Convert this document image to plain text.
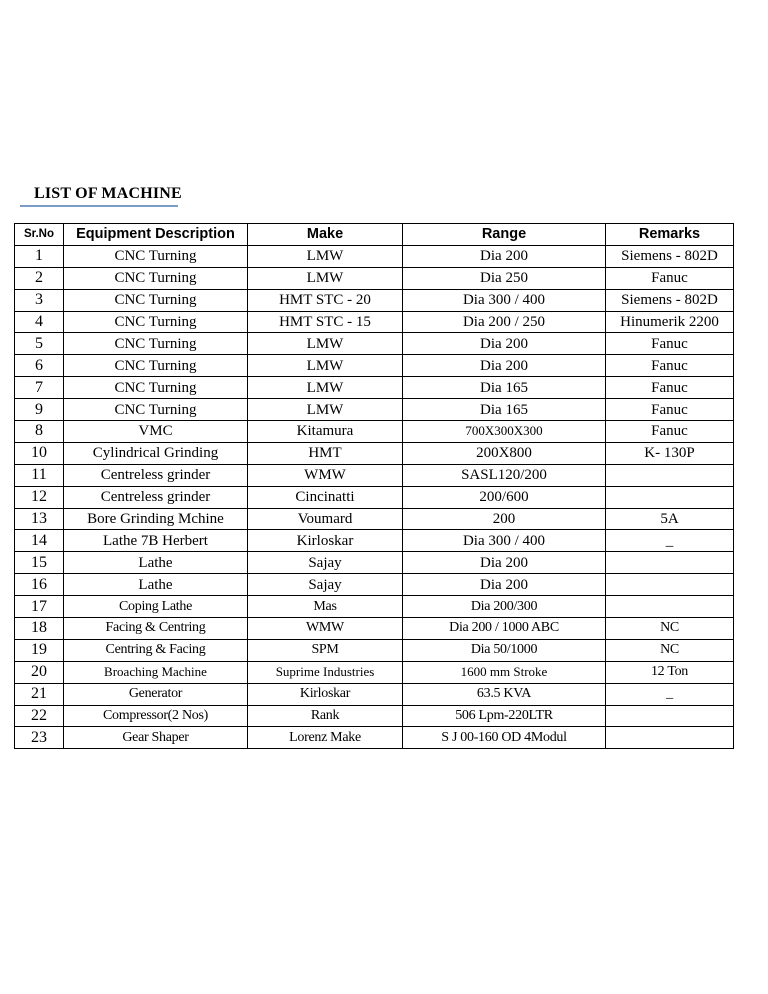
LIST OF MACHINE
Sr.No	Equipment Description	Make	Range	Remarks
1	CNC Turning	LMW	Dia 200	Siemens - 802D
2	CNC Turning	LMW	Dia 250	Fanuc
3	CNC Turning	HMT STC - 20	Dia 300 / 400	Siemens - 802D
4	CNC Turning	HMT STC - 15	Dia 200 / 250	Hinumerik 2200
5	CNC Turning	LMW	Dia 200	Fanuc
6	CNC Turning	LMW	Dia 200	Fanuc
7	CNC Turning	LMW	Dia 165	Fanuc
9	CNC Turning	LMW	Dia 165	Fanuc
8	VMC	Kitamura	700X300X300	Fanuc
10	Cylindrical Grinding	HMT	200X800	K- 130P
11	Centreless grinder	WMW	SASL120/200	
12	Centreless grinder	Cincinatti	200/600	
13	Bore Grinding Mchine	Voumard	200	5A
14	Lathe 7B Herbert	Kirloskar	Dia 300 / 400	_
15	Lathe	Sajay	Dia 200	
16	Lathe	Sajay	Dia 200	
17	Coping Lathe	Mas	Dia 200/300	
18	Facing & Centring	WMW	Dia 200 / 1000 ABC	NC
19	Centring & Facing	SPM	Dia 50/1000	NC
20	Broaching Machine	Suprime Industries	1600 mm Stroke	12 Ton
21	Generator	Kirloskar	63.5 KVA	_
22	Compressor(2 Nos)	Rank	506 Lpm-220LTR	
23	Gear Shaper	Lorenz Make	S J 00-160 OD 4Modul	
